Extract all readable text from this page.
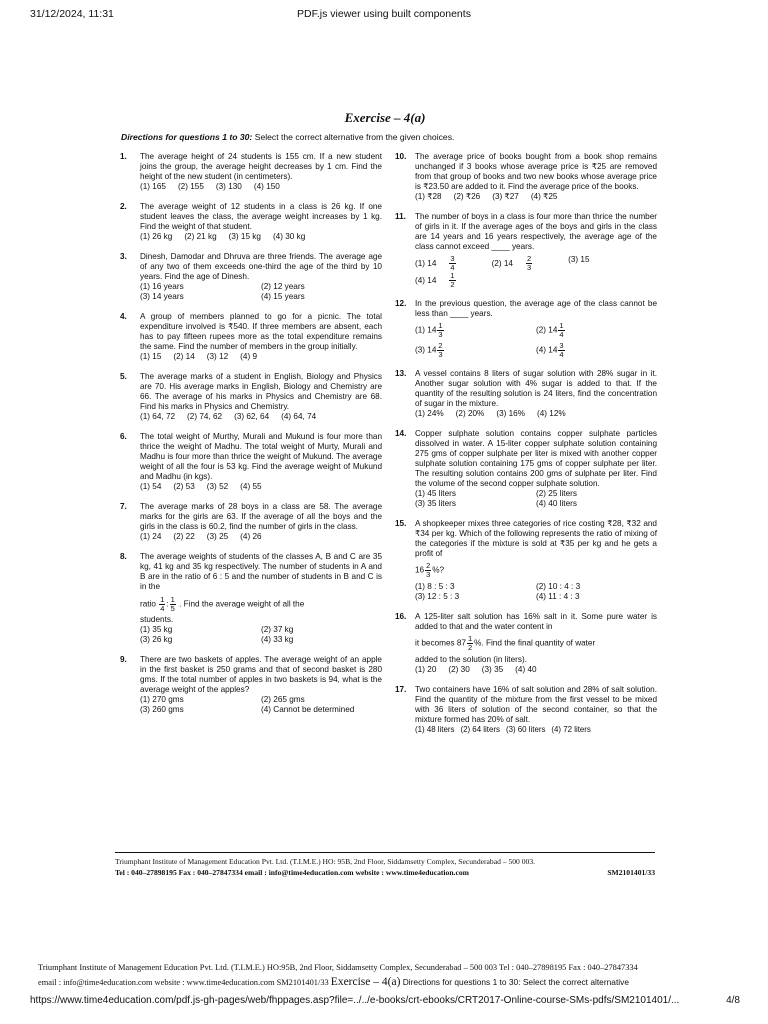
31/12/2024, 11:31	PDF.js viewer using built components
Exercise – 4(a)
Directions for questions 1 to 30: Select the correct alternative from the given choices.
1. The average height of 24 students is 155 cm. If a new student joins the group, the average height decreases by 1 cm. Find the height of the new student (in centimeters).
(1) 165 (2) 155 (3) 130 (4) 150
2. The average weight of 12 students in a class is 26 kg. If one student leaves the class, the average weight increases by 1 kg. Find the weight of that student.
(1) 26 kg (2) 21 kg (3) 15 kg (4) 30 kg
3. Dinesh, Damodar and Dhruva are three friends. The average age of any two of them exceeds one-third the age of the third by 10 years. Find the age of Dinesh.
(1) 16 years	(2) 12 years
(3) 14 years	(4) 15 years
4. A group of members planned to go for a picnic. The total expenditure involved is ₹540. If three members are absent, each has to pay fifteen rupees more as the total expenditure remains the same. Find the number of members in the group initially.
(1) 15 (2) 14 (3) 12 (4) 9
5. The average marks of a student in English, Biology and Physics are 70. His average marks in English, Biology and Chemistry are 66. The average of his marks in Physics and Chemistry are 68. Find his marks in Physics and Chemistry.
(1) 64, 72 (2) 74, 62 (3) 62, 64 (4) 64, 74
6. The total weight of Murthy, Murali and Mukund is four more than thrice the weight of Madhu. The total weight of Murty, Murali and Madhu is four more than thrice the weight of Mukund. The average weight of all the four is 53 kg. Find the average weight of Mukund and Madhu (in kgs).
(1) 54 (2) 53 (3) 52 (4) 55
7. The average marks of 28 boys in a class are 58. The average marks for the girls are 63. If the average of all the boys and the girls in the class is 60.2, find the number of girls in the class.
(1) 24 (2) 22 (3) 25 (4) 26
8. The average weights of students of the classes A, B and C are 35 kg, 41 kg and 35 kg respectively. The number of students in A and B are in the ratio of 6 : 5 and the number of students in B and C is in the
ratio $\frac{1}{4}$ : $\frac{1}{5}$ . Find the average weight of all the
students.
(1) 35 kg	(2) 37 kg
(3) 26 kg	(4) 33 kg
9. There are two baskets of apples. The average weight of an apple in the first basket is 250 grams and that of second basket is 280 gms. If the total number of apples in two baskets is 94, what is the average weight of the apples?
(1) 270 gms	(2) 265 gms
(3) 260 gms	(4) Cannot be determined
10. The average price of books bought from a book shop remains unchanged if 3 books whose average price is ₹25 are removed from that group of books and two new books whose average price is ₹23.50 are added to it. Find the average price of the books.
(1) ₹28 (2) ₹26 (3) ₹27 (4) ₹25
11. The number of boys in a class is four more than thrice the number of girls in it. If the average ages of the boys and girls in the class are 14 years and 16 years respectively, the average age of the class cannot exceed ____ years.
(1) $14 \frac{3}{4}$	(2) $14 \frac{2}{3}$	(3) 15
(4) $14 \frac{1}{2}$
12. In the previous question, the average age of the class cannot be less than ____ years.
(1) $14 \frac{1}{3}$	(2) $14 \frac{1}{4}$
(3) $14 \frac{2}{3}$	(4) $14 \frac{3}{4}$
13. A vessel contains 8 liters of sugar solution with 28% sugar in it. Another sugar solution with 4% sugar is added to that. If the quantity of the resulting solution is 24 liters, find the concentration of sugar in the mixture.
(1) 24% (2) 20% (3) 16% (4) 12%
14. Copper sulphate solution contains copper sulphate particles dissolved in water. A 15-liter copper sulphate solution containing 275 gms of copper sulphate per liter is mixed with another copper sulphate solution containing 175 gms of copper sulphate per liter. The resulting solution contains 200 gms of sulphate per liter. Find the volume of the second copper sulphate solution.
(1) 45 liters	(2) 25 liters
(3) 35 liters	(4) 40 liters
15. A shopkeeper mixes three categories of rice costing ₹28, ₹32 and ₹34 per kg. Which of the following represents the ratio of mixing of the categories if the mixture is sold at ₹35 per kg and he gets a profit of
$16 \frac{2}{3}$ %?
(1) 8 : 5 : 3	(2) 10 : 4 : 3
(3) 12 : 5 : 3	(4) 11 : 4 : 3
16. A 125-liter salt solution has 16% salt in it. Some pure water is added to that and the water content in
it becomes $87 \frac{1}{2}$ %. Find the final quantity of water
added to the solution (in liters).
(1) 20 (2) 30 (3) 35 (4) 40
17. Two containers have 16% of salt solution and 28% of salt solution. Find the quantity of the mixture from the first vessel to be mixed with 36 liters of solution of the second container, so that the mixture formed has 20% of salt.
(1) 48 liters (2) 64 liters (3) 60 liters (4) 72 liters
Triumphant Institute of Management Education Pvt. Ltd. (T.I.M.E.) HO: 95B, 2nd Floor, Siddamsetty Complex, Secunderabad – 500 003.
Tel : 040–27898195 Fax : 040–27847334 email : info@time4education.com website : www.time4education.com	SM2101401/33
Triumphant Institute of Management Education Pvt. Ltd. (T.I.M.E.) HO:95B, 2nd Floor, Siddamsetty Complex, Secunderabad – 500 003 Tel : 040–27898195 Fax : 040–27847334
email : info@time4education.com website : www.time4education.com SM2101401/33 Exercise – 4(a) Directions for questions 1 to 30: Select the correct alternative
https://www.time4education.com/pdf.js-gh-pages/web/fhppages.asp?file=../../e-books/crt-ebooks/CRT2017-Online-course-SMs-pdfs/SM2101401/...	4/8
